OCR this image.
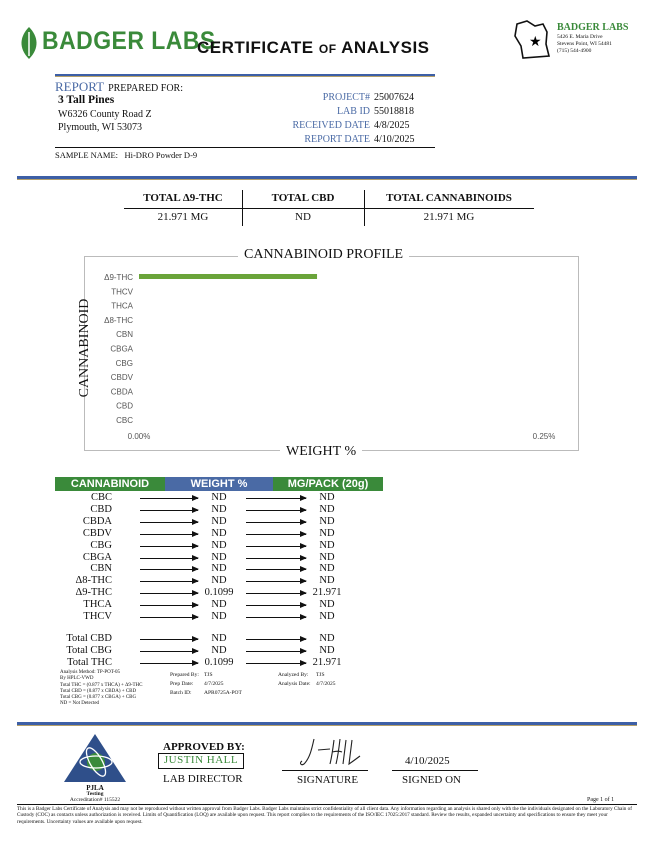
BADGER LABS
CERTIFICATE OF ANALYSIS	★
BADGER LABS
5426 E. Maria Drive
Stevens Point, WI 54481
(715) 544-4900
REPORT PREPARED FOR:
3 Tall Pines
W6326 County Road Z
Plymouth, WI 53073
PROJECT# 25007624
LAB ID 55018818
RECEIVED DATE 4/8/2025
REPORT DATE 4/10/2025
SAMPLE NAME: Hi-DRO Powder D-9
TOTAL Δ9-THC	TOTAL CBD	TOTAL CANNABINOIDS
21.971 MG	ND	21.971 MG
CANNABINOID PROFILE
CANNABINOID
WEIGHT %
Δ9-THC
THCV
THCA
Δ8-THC
CBN
CBGA
CBG
CBDV
CBDA
CBD
CBC
0.00%	0.25%
CANNABINOID	WEIGHT %	MG/PACK (20g)
CBC	ND	ND
CBD	ND	ND
CBDA	ND	ND
CBDV	ND	ND
CBG	ND	ND
CBGA	ND	ND
CBN	ND	ND
Δ8-THC	ND	ND
Δ9-THC	0.1099	21.971
THCA	ND	ND
THCV	ND	ND
Total CBD	ND	ND
Total CBG	ND	ND
Total THC	0.1099	21.971
Analysis Method: TP-POT-05
By HPLC-VWD
Total THC = (0.877 x THCA) + Δ9-THC
Total CBD = (0.877 x CBDA) + CBD
Total CBG = (0.877 x CBGA) + CBG
ND = Not Detected
Prepared By: TJS
Prep Date: 4/7/2025
Batch ID: APR0725A-POT
Analyzed By: TJS
Analysis Date: 4/7/2025
PJLA
Testing
Accreditation# 115522
APPROVED BY:
JUSTIN HALL
LAB DIRECTOR	SIGNATURE
4/10/2025
SIGNED ON
Page 1 of 1
This is a Badger Labs Certificate of Analysis and may not be reproduced without written approval from Badger Labs. Badger Labs maintains strict confidentiality of all client data. Any information regarding an analysis is shared only with the the individuals designated on the Laboratory Chain of Custody (COC) as contacts unless authorization is received. Limits of Quantification (LOQ) are available upon request. This report complies to the requirements of the ISO/IEC 17025:2017 standard. Review the results, expanded uncertainty and specifications to ensure they meet your requirements. Uncertainty values are available upon request.
